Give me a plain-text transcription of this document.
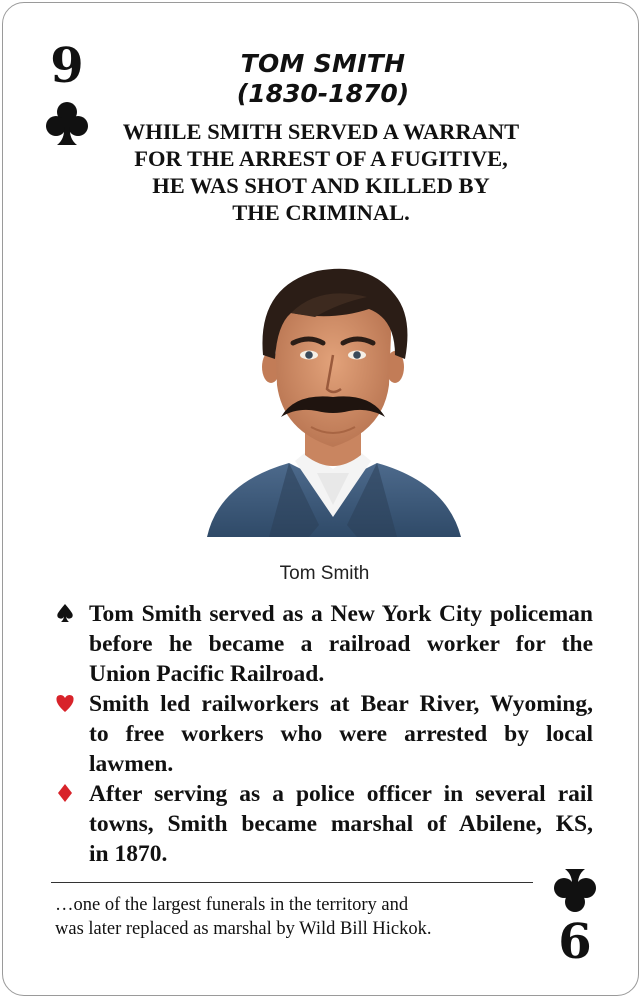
9	TOM SMITH
(1830-1870)
WHILE SMITH SERVED A WARRANT
FOR THE ARREST OF A FUGITIVE,
HE WAS SHOT AND KILLED BY
THE CRIMINAL.
Tom Smith
Tom Smith served as a New York City policeman
before he became a railroad worker for the
Union Pacific Railroad.
Smith led railworkers at Bear River, Wyoming,
to free workers who were arrested by local
lawmen.
After serving as a police officer in several rail
towns, Smith became marshal of Abilene, KS,
in 1870.
…one of the largest funerals in the territory and
was later replaced as marshal by Wild Bill Hickok.	6
